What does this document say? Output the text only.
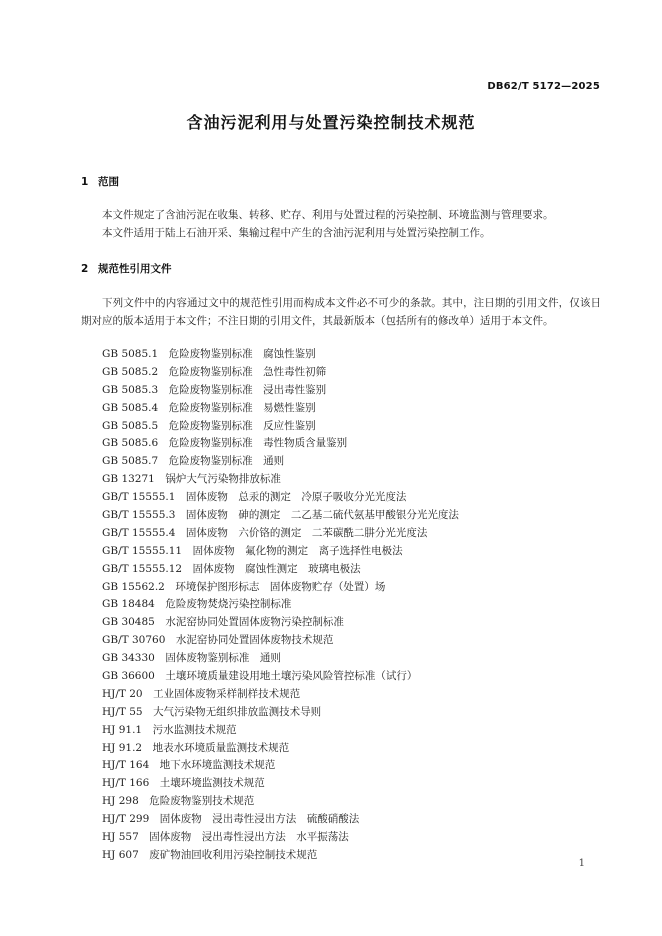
DB62/T 5172—2025
含油污泥利用与处置污染控制技术规范
1 范围

本文件规定了含油污泥在收集、转移、贮存、利用与处置过程的污染控制、环境监测与管理要求。

本文件适用于陆上石油开采、集输过程中产生的含油污泥利用与处置污染控制工作。

2 规范性引用文件

下列文件中的内容通过文中的规范性引用而构成本文件必不可少的条款。其中，注日期的引用文件，仅该日期对应的版本适用于本文件；不注日期的引用文件，其最新版本（包括所有的修改单）适用于本文件。

GB 5085.1　危险废物鉴别标准　腐蚀性鉴别
GB 5085.2　危险废物鉴别标准　急性毒性初筛
GB 5085.3　危险废物鉴别标准　浸出毒性鉴别
GB 5085.4　危险废物鉴别标准　易燃性鉴别
GB 5085.5　危险废物鉴别标准　反应性鉴别
GB 5085.6　危险废物鉴别标准　毒性物质含量鉴别
GB 5085.7　危险废物鉴别标准　通则
GB 13271　锅炉大气污染物排放标准
GB/T 15555.1　固体废物　总汞的测定　冷原子吸收分光光度法
GB/T 15555.3　固体废物　砷的测定　二乙基二硫代氨基甲酸银分光光度法
GB/T 15555.4　固体废物　六价铬的测定　二苯碳酰二肼分光光度法
GB/T 15555.11　固体废物　氟化物的测定　离子选择性电极法
GB/T 15555.12　固体废物　腐蚀性测定　玻璃电极法
GB 15562.2　环境保护图形标志　固体废物贮存（处置）场
GB 18484　危险废物焚烧污染控制标准
GB 30485　水泥窑协同处置固体废物污染控制标准
GB/T 30760　水泥窑协同处置固体废物技术规范
GB 34330　固体废物鉴别标准　通则
GB 36600　土壤环境质量建设用地土壤污染风险管控标准（试行）
HJ/T 20　工业固体废物采样制样技术规范
HJ/T 55　大气污染物无组织排放监测技术导则
HJ 91.1　污水监测技术规范
HJ 91.2　地表水环境质量监测技术规范
HJ/T 164　地下水环境监测技术规范
HJ/T 166　土壤环境监测技术规范
HJ 298　危险废物鉴别技术规范
HJ/T 299　固体废物　浸出毒性浸出方法　硫酸硝酸法
HJ 557　固体废物　浸出毒性浸出方法　水平振荡法
HJ 607　废矿物油回收利用污染控制技术规范
1
